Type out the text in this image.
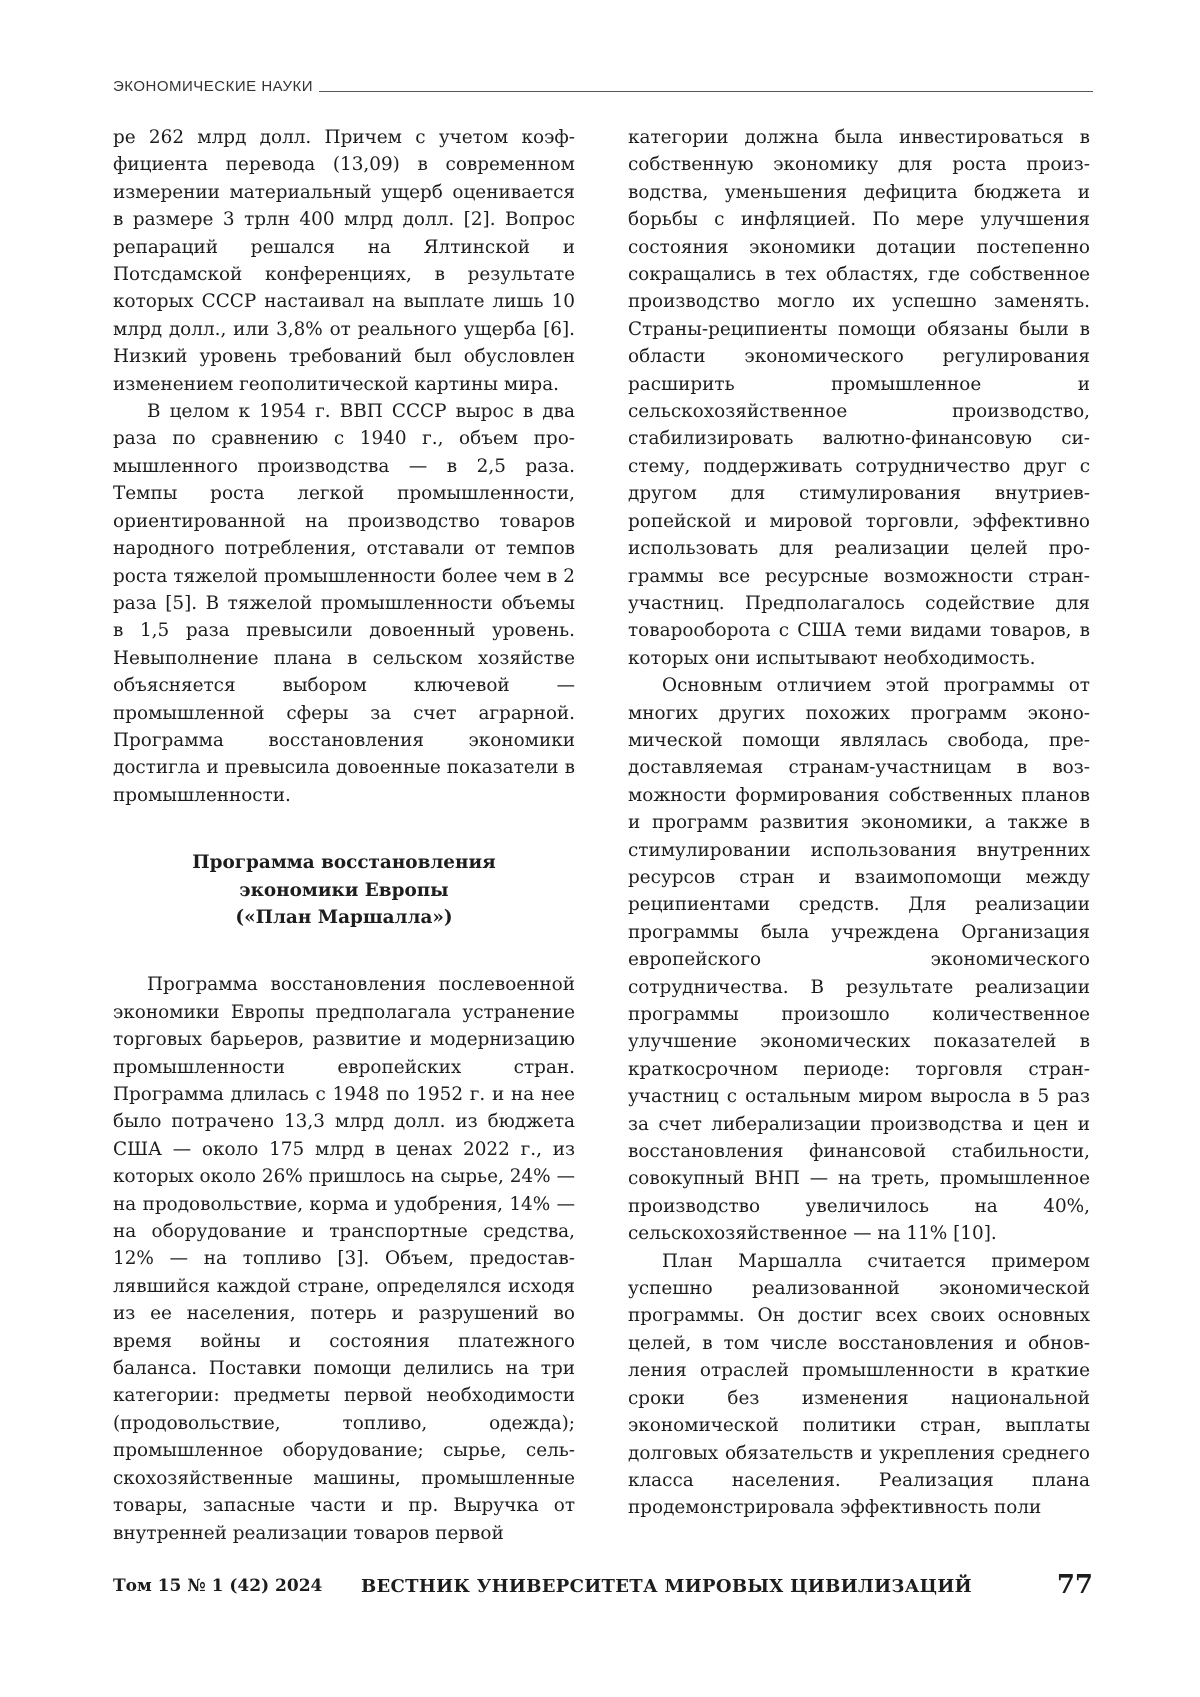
ЭКОНОМИЧЕСКИЕ НАУКИ

ре 262 млрд долл. Причем с учетом коэффициента перевода (13,09) в современном измерении материальный ущерб оценивается в размере 3 трлн 400 млрд долл. [2]. Вопрос репараций решался на Ялтинской и Потсдамской конференциях, в результате которых СССР настаивал на выплате лишь 10 млрд долл., или 3,8% от реального ущерба [6]. Низкий уровень требований был обусловлен изменением геополитической картины мира.

В целом к 1954 г. ВВП СССР вырос в два раза по сравнению с 1940 г., объем промышленного производства — в 2,5 раза. Темпы роста легкой промышленности, ориентированной на производство товаров народного потребления, отставали от темпов роста тяжелой промышленности более чем в 2 раза [5]. В тяжелой промышленности объемы в 1,5 раза превысили довоенный уровень. Невыполнение плана в сельском хозяйстве объясняется выбором ключевой — промышленной сферы за счет аграрной. Программа восстановления экономики достигла и превысила довоенные показатели в промышленности.

Программа восстановления
экономики Европы
(«План Маршалла»)

Программа восстановления послевоенной экономики Европы предполагала устранение торговых барьеров, развитие и модернизацию промышленности европейских стран. Программа длилась с 1948 по 1952 г. и на нее было потрачено 13,3 млрд долл. из бюджета США — около 175 млрд в ценах 2022 г., из которых около 26% пришлось на сырье, 24% — на продовольствие, корма и удобрения, 14% — на оборудование и транспортные средства, 12% — на топливо [3]. Объем, предоставлявшийся каждой стране, определялся исходя из ее населения, потерь и разрушений во время войны и состояния платежного баланса. Поставки помощи делились на три категории: предметы первой необходимости (продовольствие, топливо, одежда); промышленное оборудование; сырье, сельскохозяйственные машины, промышленные товары, запасные части и пр. Выручка от внутренней реализации товаров первой

категории должна была инвестироваться в собственную экономику для роста производства, уменьшения дефицита бюджета и борьбы с инфляцией. По мере улучшения состояния экономики дотации постепенно сокращались в тех областях, где собственное производство могло их успешно заменять. Страны-реципиенты помощи обязаны были в области экономического регулирования расширить промышленное и сельскохозяйственное производство, стабилизировать валютно-финансовую систему, поддерживать сотрудничество друг с другом для стимулирования внутриевропейской и мировой торговли, эффективно использовать для реализации целей программы все ресурсные возможности стран-участниц. Предполагалось содействие для товарооборота с США теми видами товаров, в которых они испытывают необходимость.

Основным отличием этой программы от многих других похожих программ экономической помощи являлась свобода, предоставляемая странам-участницам в возможности формирования собственных планов и программ развития экономики, а также в стимулировании использования внутренних ресурсов стран и взаимопомощи между реципиентами средств. Для реализации программы была учреждена Организация европейского экономического сотрудничества. В результате реализации программы произошло количественное улучшение экономических показателей в краткосрочном периоде: торговля стран-участниц с остальным миром выросла в 5 раз за счет либерализации производства и цен и восстановления финансовой стабильности, совокупный ВНП — на треть, промышленное производство увеличилось на 40%, сельскохозяйственное — на 11% [10].

План Маршалла считается примером успешно реализованной экономической программы. Он достиг всех своих основных целей, в том числе восстановления и обновления отраслей промышленности в краткие сроки без изменения национальной экономической политики стран, выплаты долговых обязательств и укрепления среднего класса населения. Реализация плана продемонстрировала эффективность поли

Том 15 № 1 (42) 2024 ВЕСТНИК УНИВЕРСИТЕТА МИРОВЫХ ЦИВИЛИЗАЦИЙ	77
